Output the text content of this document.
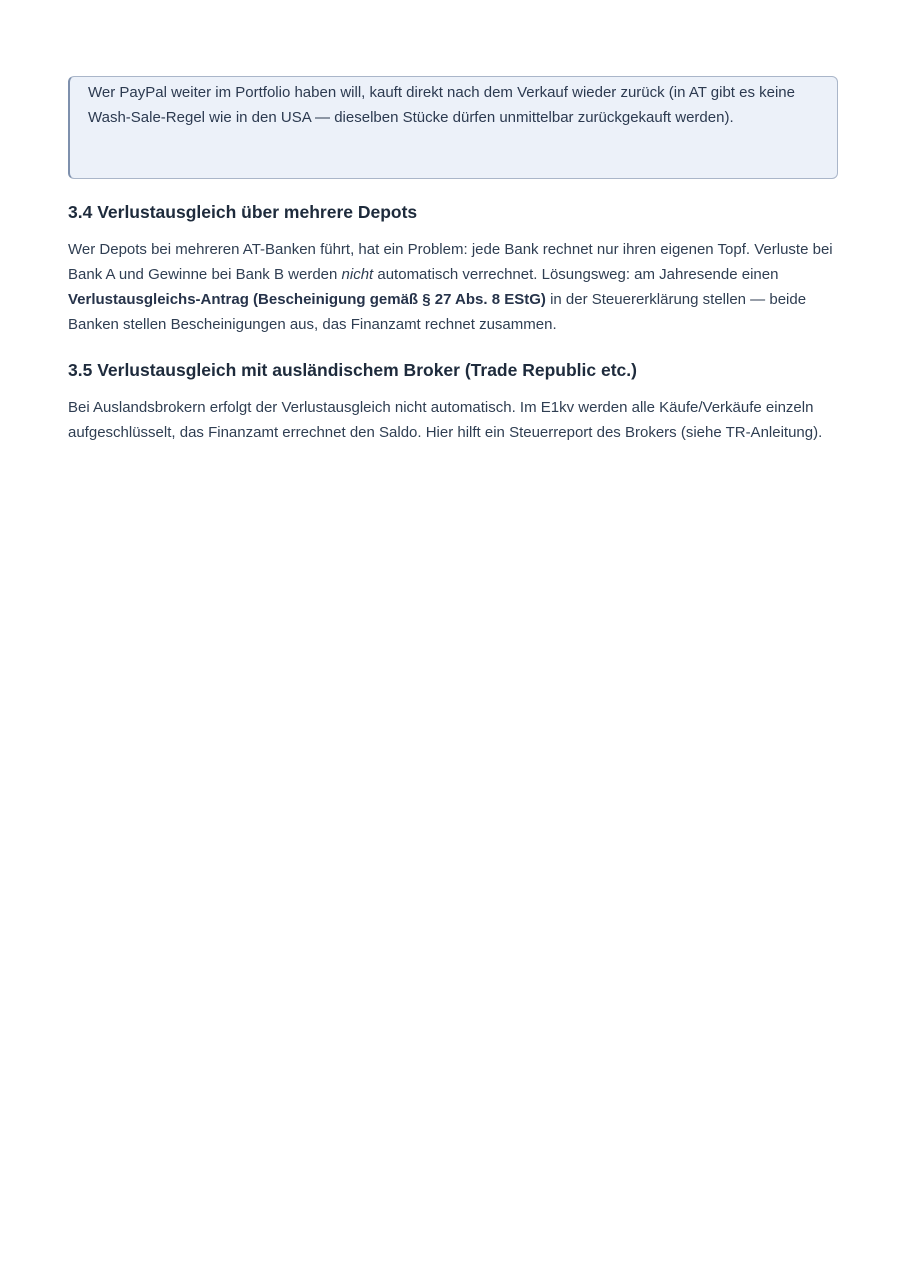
Wer PayPal weiter im Portfolio haben will, kauft direkt nach dem Verkauf wieder zurück (in AT gibt es keine Wash-Sale-Regel wie in den USA — dieselben Stücke dürfen unmittelbar zurückgekauft werden).
3.4 Verlustausgleich über mehrere Depots

Wer Depots bei mehreren AT-Banken führt, hat ein Problem: jede Bank rechnet nur ihren eigenen Topf. Verluste bei Bank A und Gewinne bei Bank B werden nicht automatisch verrechnet. Lösungsweg: am Jahresende einen Verlustausgleichs-Antrag (Bescheinigung gemäß § 27 Abs. 8 EStG) in der Steuererklärung stellen — beide Banken stellen Bescheinigungen aus, das Finanzamt rechnet zusammen.

3.5 Verlustausgleich mit ausländischem Broker (Trade Republic etc.)

Bei Auslandsbrokern erfolgt der Verlustausgleich nicht automatisch. Im E1kv werden alle Käufe/Verkäufe einzeln aufgeschlüsselt, das Finanzamt errechnet den Saldo. Hier hilft ein Steuerreport des Brokers (siehe TR-Anleitung).
